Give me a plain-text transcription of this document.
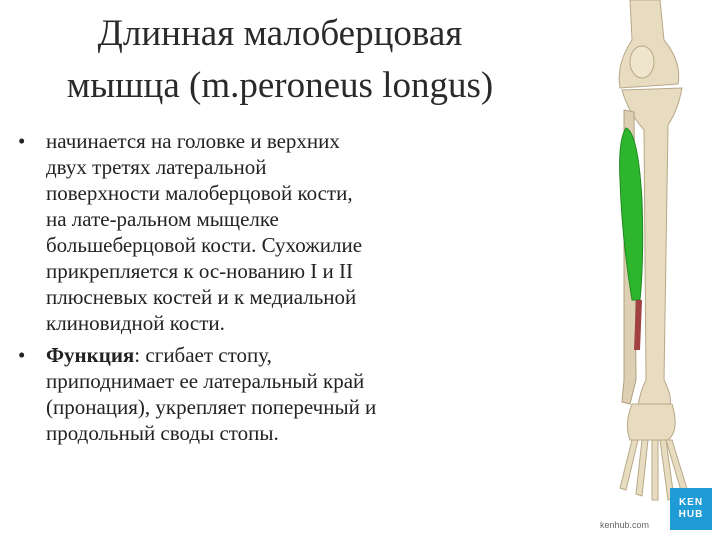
Длинная малоберцовая
мышца (m.peroneus longus)
• начинается на головке и верхних
двух третях латеральной
поверхности малоберцовой кости,
на лате-ральном мыщелке
большеберцовой кости. Сухожилие
прикрепляется к ос-нованию I и II
плюсневых костей и к медиальной
клиновидной кости.
• Функция: сгибает стопу,
приподнимает ее латеральный край
(пронация), укрепляет поперечный и
продольный своды стопы.
KEN
HUB
kenhub.com
